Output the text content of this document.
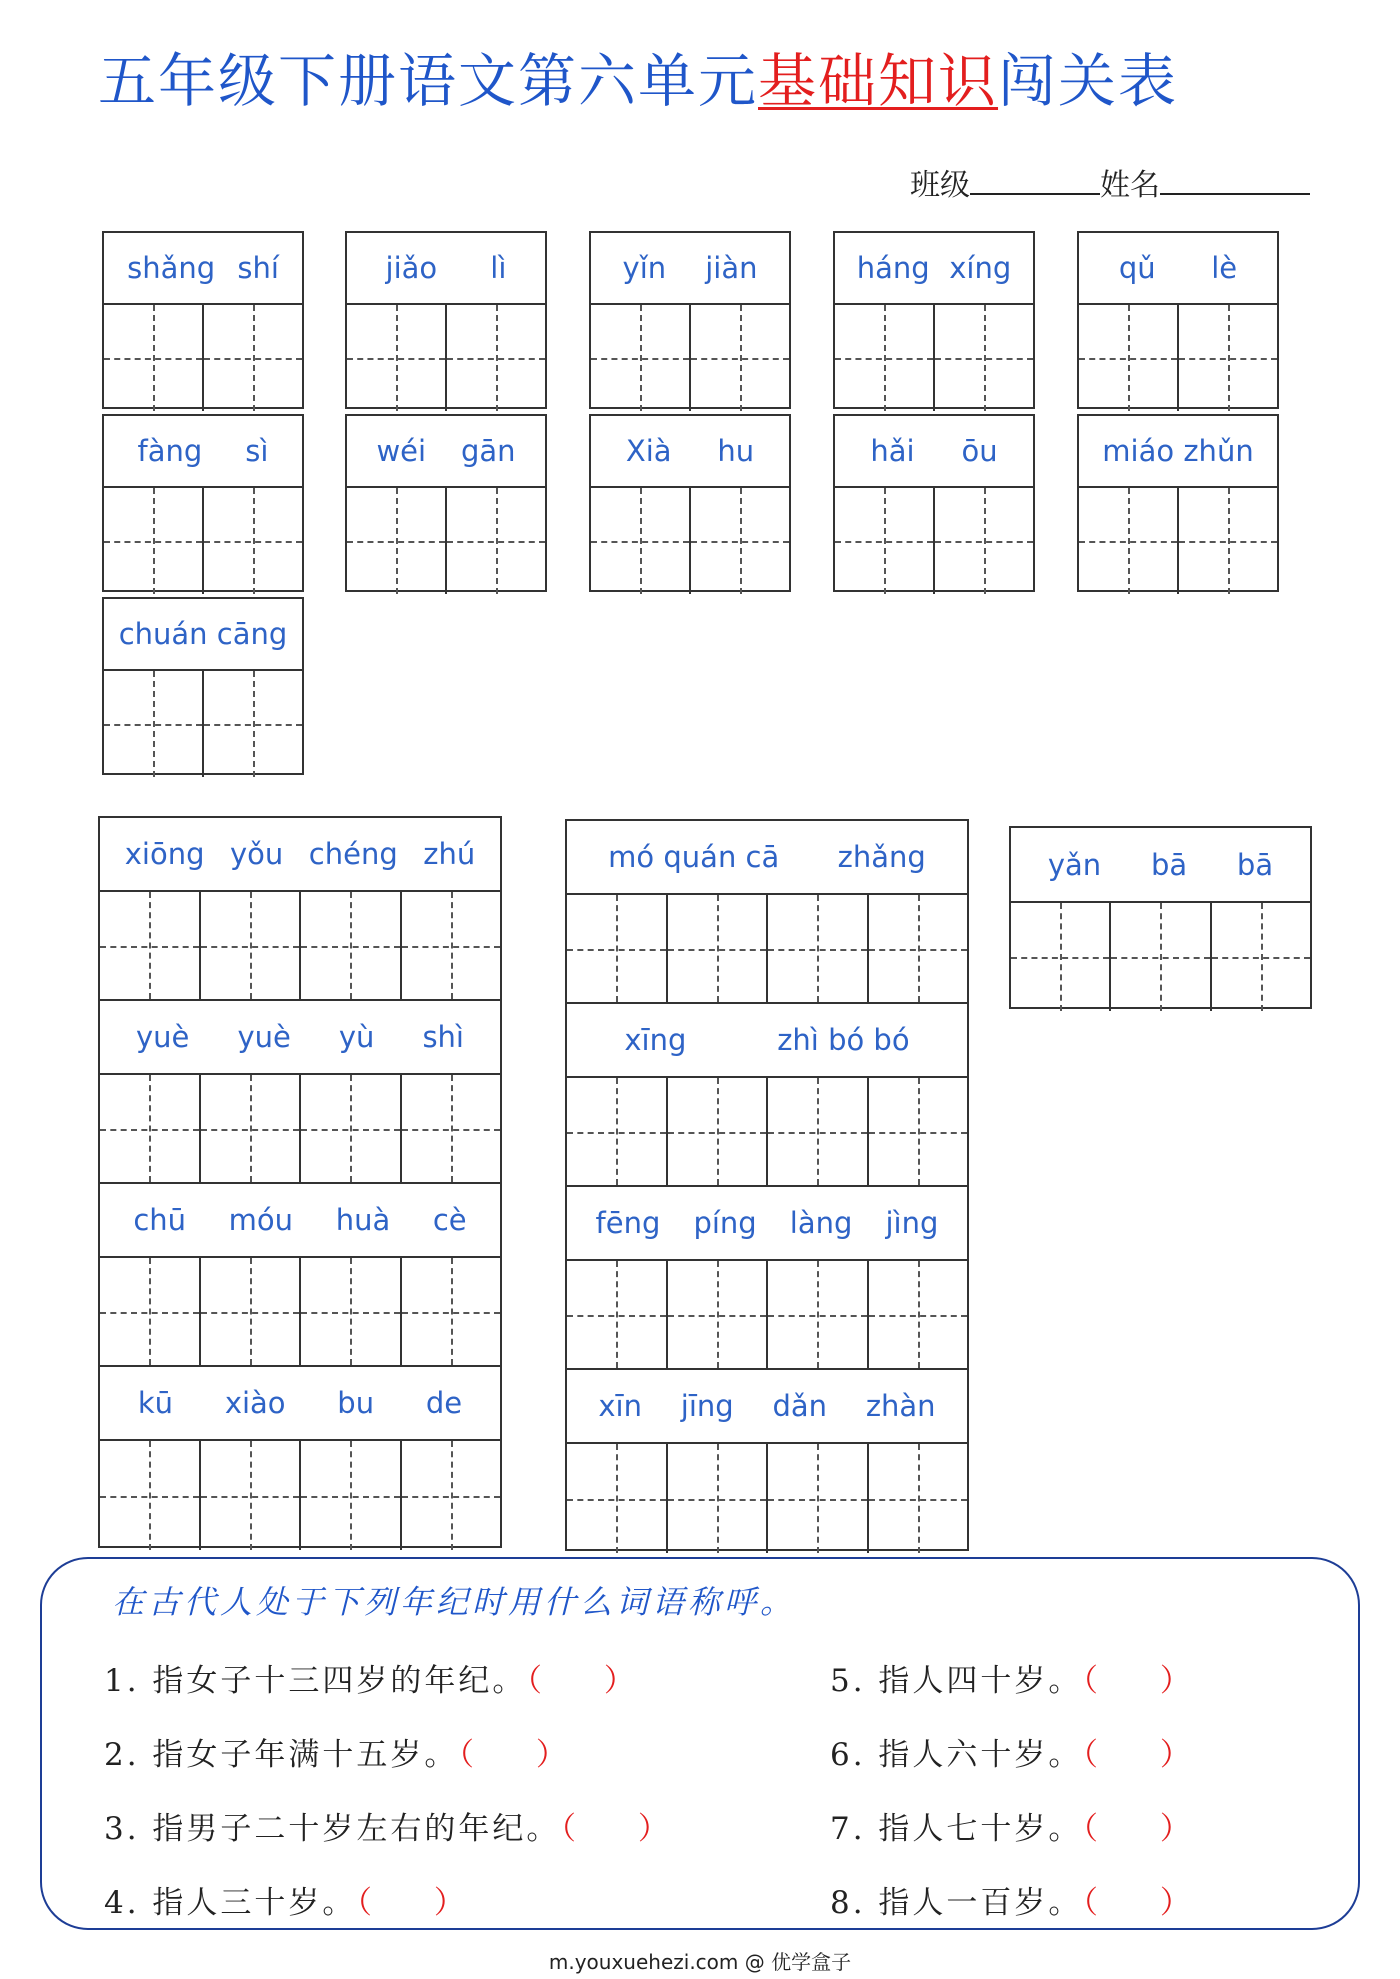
五年级下册语文第六单元基础知识闯关表
班级	姓名
shǎng shí	jiǎo lì	yǐn jiàn	háng xíng	qǔ lè
fàng sì	wéi gān	Xià hu	hǎi ōu	miáo zhǔn
chuán cāng
xiōng yǒu chéng zhú
yuè yuè yù shì
chū móu huà cè
kū xiào bu de
mó quán cā zhǎng
xīng	zhì bó bó
fēng píng làng jìng
xīn jīng dǎn zhàn
yǎn bā bā
在古代人处于下列年纪时用什么词语称呼。
1. 指女子十三四岁的年纪。（　　）
2. 指女子年满十五岁。（　　）
3. 指男子二十岁左右的年纪。（　　）
4. 指人三十岁。（　　）
5. 指人四十岁。（　　）
6. 指人六十岁。（　　）
7. 指人七十岁。（　　）
8. 指人一百岁。（　　）
m.youxuehezi.com @ 优学盒子
